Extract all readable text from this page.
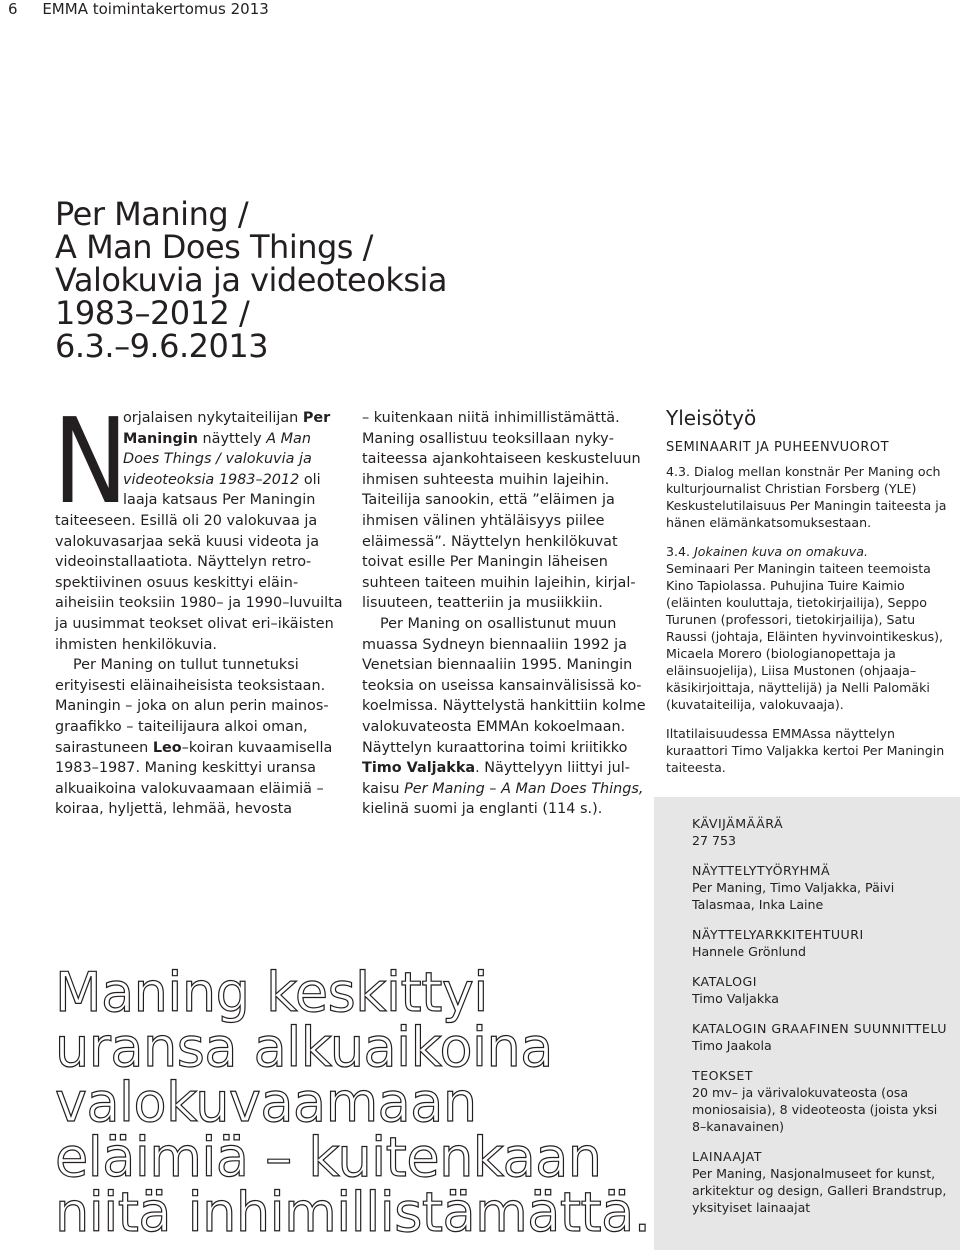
6 EMMA toimintakertomus 2013
Per Maning /
A Man Does Things /
Valokuvia ja videoteoksia
1983–2012 /
6.3.–9.6.2013

N
orjalaisen nykytaiteilijan Per Maningin näyttely A Man Does Things / valokuvia ja videoteoksia 1983–2012 oli laaja katsaus Per Maningin taiteeseen. Esillä oli 20 valokuvaa ja valokuvasarjaa sekä kuusi videota ja videoinstallaatiota. Näyttelyn retrospektiivinen osuus keskittyi eläinaiheisiin teoksiin 1980– ja 1990–luvuilta ja uusimmat teokset olivat eri–ikäisten ihmisten henkilökuvia.

Per Maning on tullut tunnetuksi erityisesti eläinaiheisista teoksistaan.

Maningin – joka on alun perin mainosgraafikko – taiteilijaura alkoi oman, sairastuneen Leo–koiran kuvaamisella 1983–1987. Maning keskittyi uransa alkuaikoina valokuvaamaan eläimiä – koiraa, hyljettä, lehmää, hevosta

– kuitenkaan niitä inhimillistämättä. Maning osallistuu teoksillaan nykytaiteessa ajankohtaiseen keskusteluun ihmisen suhteesta muihin lajeihin. Taiteilija sanookin, että ”eläimen ja ihmisen välinen yhtäläisyys piilee eläimessä”. Näyttelyn henkilökuvat toivat esille Per Maningin läheisen suhteen taiteen muihin lajeihin, kirjallisuuteen, teatteriin ja musiikkiin.

Per Maning on osallistunut muun muassa Sydneyn biennaaliin 1992 ja Venetsian biennaaliin 1995. Maningin teoksia on useissa kansainvälisissä kokoelmissa. Näyttelystä hankittiin kolme valokuvateosta EMMAn kokoelmaan. Näyttelyn kuraattorina toimi kriitikko Timo Valjakka. Näyttelyyn liittyi julkaisu Per Maning – A Man Does Things, kielinä suomi ja englanti (114 s.).

Yleisötyö
SEMINAARIT JA PUHEENVUOROT
4.3. Dialog mellan konstnär Per Maning och kulturjournalist Christian Forsberg (YLE) Keskustelutilaisuus Per Maningin taiteesta ja hänen elämänkatsomuksestaan.
3.4. Jokainen kuva on omakuva.
Seminaari Per Maningin taiteen teemoista Kino Tapiolassa. Puhujina Tuire Kaimio (eläinten kouluttaja, tietokirjailija), Seppo Turunen (professori, tietokirjailija), Satu Raussi (johtaja, Eläinten hyvinvointikeskus), Micaela Morero (biologianopettaja ja eläinsuojelija), Liisa Mustonen (ohjaaja–käsikirjoittaja, näyttelijä) ja Nelli Palomäki (kuvataiteilija, valokuvaaja).
Iltatilaisuudessa EMMAssa näyttelyn kuraattori Timo Valjakka kertoi Per Maningin taiteesta.
KÄVIJÄMÄÄRÄ
27 753
NÄYTTELYTYÖRYHMÄ
Per Maning, Timo Valjakka, Päivi Talasmaa, Inka Laine
NÄYTTELYARKKITEHTUURI
Hannele Grönlund
KATALOGI
Timo Valjakka
KATALOGIN GRAAFINEN SUUNNITTELU
Timo Jaakola
TEOKSET
20 mv– ja värivalokuvateosta (osa moniosaisia), 8 videoteosta (joista yksi 8–kanavainen)
LAINAAJAT
Per Maning, Nasjonalmuseet for kunst, arkitektur og design, Galleri Brandstrup, yksityiset lainaajat
Maning keskittyi
uransa alkuaikoina
valokuvaamaan
eläimiä – kuitenkaan
niitä inhimillistämättä.
